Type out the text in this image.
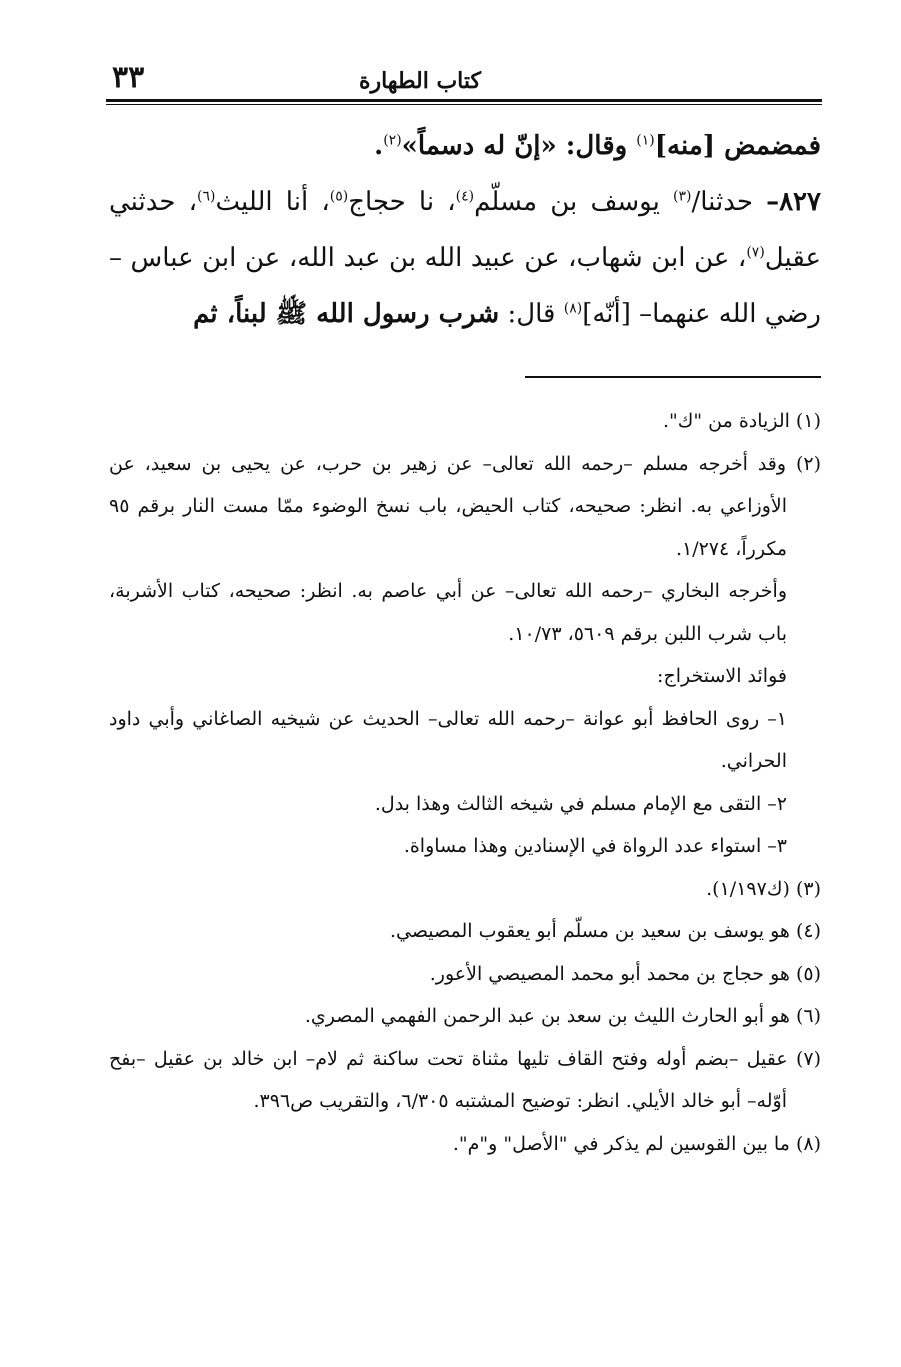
كتاب الطهارة
٣٣

فمضمض [منه]$^{(١)}$ وقال: «إنّ له دسماً»$^{(٢)}$.

٨٢٧– حدثنا/$^{(٣)}$ يوسف بن مسلّم$^{(٤)}$، نا حجاج$^{(٥)}$، أنا الليث$^{(٦)}$، حدثني عقيل$^{(٧)}$، عن ابن شهاب، عن عبيد الله بن عبد الله، عن ابن عباس –رضي الله عنهما– [أنّه]$^{(٨)}$ قال: شرب رسول الله ﷺ لبناً، ثم

(١) الزيادة من "ك".

(٢) وقد أخرجه مسلم –رحمه الله تعالى– عن زهير بن حرب، عن يحيى بن سعيد، عن الأوزاعي به. انظر: صحيحه، كتاب الحيض، باب نسخ الوضوء ممّا مست النار برقم ٩٥ مكرراً، ١/٢٧٤.

وأخرجه البخاري –رحمه الله تعالى– عن أبي عاصم به. انظر: صحيحه، كتاب الأشربة، باب شرب اللبن برقم ٥٦٠٩، ١٠/٧٣.

فوائد الاستخراج:

١– روى الحافظ أبو عوانة –رحمه الله تعالى– الحديث عن شيخيه الصاغاني وأبي داود الحراني.

٢– التقى مع الإمام مسلم في شيخه الثالث وهذا بدل.

٣– استواء عدد الرواة في الإسنادين وهذا مساواة.

(٣) (ك١/١٩٧).

(٤) هو يوسف بن سعيد بن مسلّم أبو يعقوب المصيصي.

(٥) هو حجاج بن محمد أبو محمد المصيصي الأعور.

(٦) هو أبو الحارث الليث بن سعد بن عبد الرحمن الفهمي المصري.

(٧) عقيل –بضم أوله وفتح القاف تليها مثناة تحت ساكنة ثم لام– ابن خالد بن عقيل –بفح أوّله– أبو خالد الأيلي. انظر: توضيح المشتبه ٦/٣٠٥، والتقريب ص٣٩٦.

(٨) ما بين القوسين لم يذكر في "الأصل" و"م".
